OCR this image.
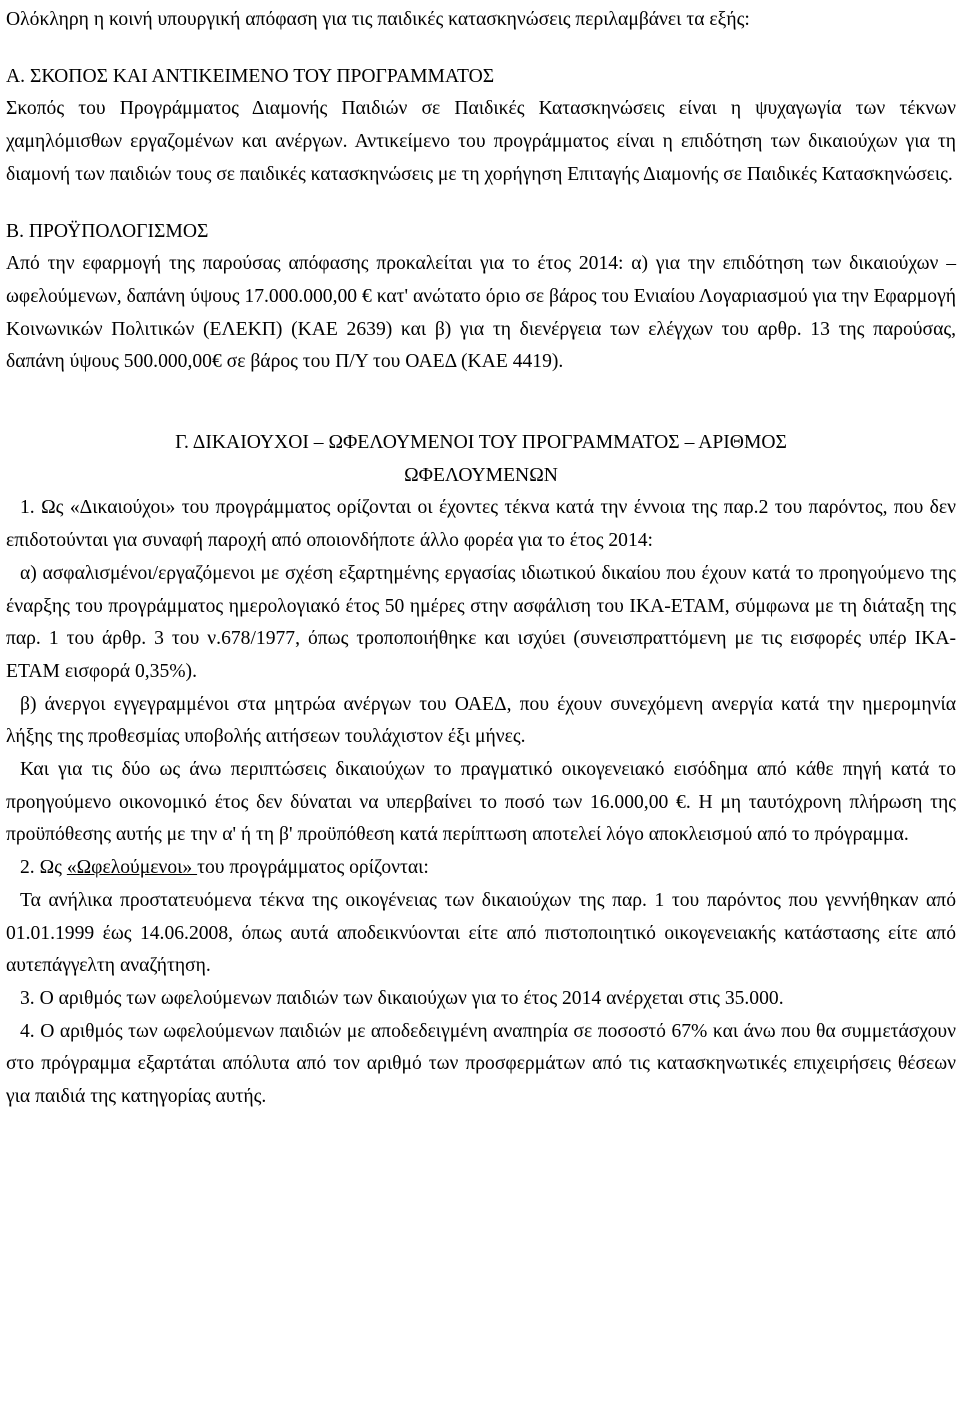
Ολόκληρη η κοινή υπουργική απόφαση για τις παιδικές κατασκηνώσεις περιλαμβάνει τα εξής:

Α. ΣΚΟΠΟΣ ΚΑΙ ΑΝΤΙΚΕΙΜΕΝΟ ΤΟΥ ΠΡΟΓΡΑΜΜΑΤΟΣ

Σκοπός του Προγράμματος Διαμονής Παιδιών σε Παιδικές Κατασκηνώσεις είναι η ψυχαγωγία των τέκνων χαμηλόμισθων εργαζομένων και ανέργων. Αντικείμενο του προγράμματος είναι η επιδότηση των δικαιούχων για τη διαμονή των παιδιών τους σε παιδικές κατασκηνώσεις με τη χορήγηση Επιταγής Διαμονής σε Παιδικές Κατασκηνώσεις.

Β. ΠΡΟΫΠΟΛΟΓΙΣΜΟΣ

Από την εφαρμογή της παρούσας απόφασης προκαλείται για το έτος 2014: α) για την επιδότηση των δικαιούχων – ωφελούμενων, δαπάνη ύψους 17.000.000,00 € κατ' ανώτατο όριο σε βάρος του Ενιαίου Λογαριασμού για την Εφαρμογή Κοινωνικών Πολιτικών (ΕΛΕΚΠ) (ΚΑΕ 2639) και β) για τη διενέργεια των ελέγχων του αρθρ. 13 της παρούσας, δαπάνη ύψους 500.000,00€ σε βάρος του Π/Υ του ΟΑΕΔ (ΚΑΕ 4419).

Γ. ΔΙΚΑΙΟΥΧΟΙ – ΩΦΕΛΟΥΜΕΝΟΙ ΤΟΥ ΠΡΟΓΡΑΜΜΑΤΟΣ – ΑΡΙΘΜΟΣ

ΩΦΕΛΟΥΜΕΝΩΝ

1. Ως «Δικαιούχοι» του προγράμματος ορίζονται οι έχοντες τέκνα κατά την έννοια της παρ.2 του παρόντος, που δεν επιδοτούνται για συναφή παροχή από οποιονδήποτε άλλο φορέα για το έτος 2014:

α) ασφαλισμένοι/εργαζόμενοι με σχέση εξαρτημένης εργασίας ιδιωτικού δικαίου που έχουν κατά το προηγούμενο της έναρξης του προγράμματος ημερολογιακό έτος 50 ημέρες στην ασφάλιση του ΙΚΑ-ΕΤΑΜ, σύμφωνα με τη διάταξη της παρ. 1 του άρθρ. 3 του ν.678/1977, όπως τροποποιήθηκε και ισχύει (συνεισπραττόμενη με τις εισφορές υπέρ ΙΚΑ-ΕΤΑΜ εισφορά 0,35%).

β) άνεργοι εγγεγραμμένοι στα μητρώα ανέργων του ΟΑΕΔ, που έχουν συνεχόμενη ανεργία κατά την ημερομηνία λήξης της προθεσμίας υποβολής αιτήσεων τουλάχιστον έξι μήνες.

Και για τις δύο ως άνω περιπτώσεις δικαιούχων το πραγματικό οικογενειακό εισόδημα από κάθε πηγή κατά το προηγούμενο οικονομικό έτος δεν δύναται να υπερβαίνει το ποσό των 16.000,00 €. Η μη ταυτόχρονη πλήρωση της προϋπόθεσης αυτής με την α' ή τη β' προϋπόθεση κατά περίπτωση αποτελεί λόγο αποκλεισμού από το πρόγραμμα.

2. Ως «Ωφελούμενοι» του προγράμματος ορίζονται:

Τα ανήλικα προστατευόμενα τέκνα της οικογένειας των δικαιούχων της παρ. 1 του παρόντος που γεννήθηκαν από 01.01.1999 έως 14.06.2008, όπως αυτά αποδεικνύονται είτε από πιστοποιητικό οικογενειακής κατάστασης είτε από αυτεπάγγελτη αναζήτηση.

3. Ο αριθμός των ωφελούμενων παιδιών των δικαιούχων για το έτος 2014 ανέρχεται στις 35.000.

4. Ο αριθμός των ωφελούμενων παιδιών με αποδεδειγμένη αναπηρία σε ποσοστό 67% και άνω που θα συμμετάσχουν στο πρόγραμμα εξαρτάται απόλυτα από τον αριθμό των προσφερμάτων από τις κατασκηνωτικές επιχειρήσεις θέσεων για παιδιά της κατηγορίας αυτής.
